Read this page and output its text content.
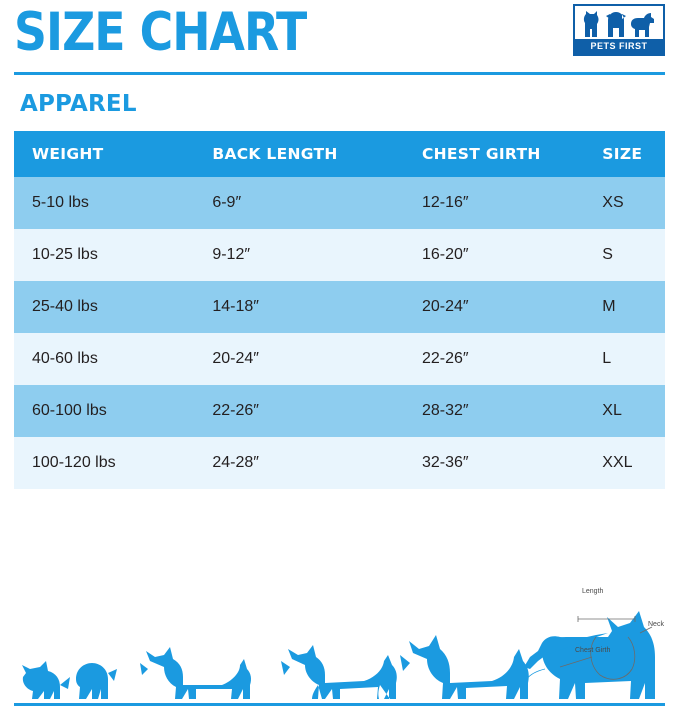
SIZE CHART	PETS FIRST
APPAREL
WEIGHT	BACK LENGTH	CHEST GIRTH	SIZE
5-10 lbs	6-9″	12-16″	XS
10-25 lbs	9-12″	16-20″	S
25-40 lbs	14-18″	20-24″	M
40-60 lbs	20-24″	22-26″	L
60-100 lbs	22-26″	28-32″	XL
100-120 lbs	24-28″	32-36″	XXL
Length
Neck
Chest Girth
